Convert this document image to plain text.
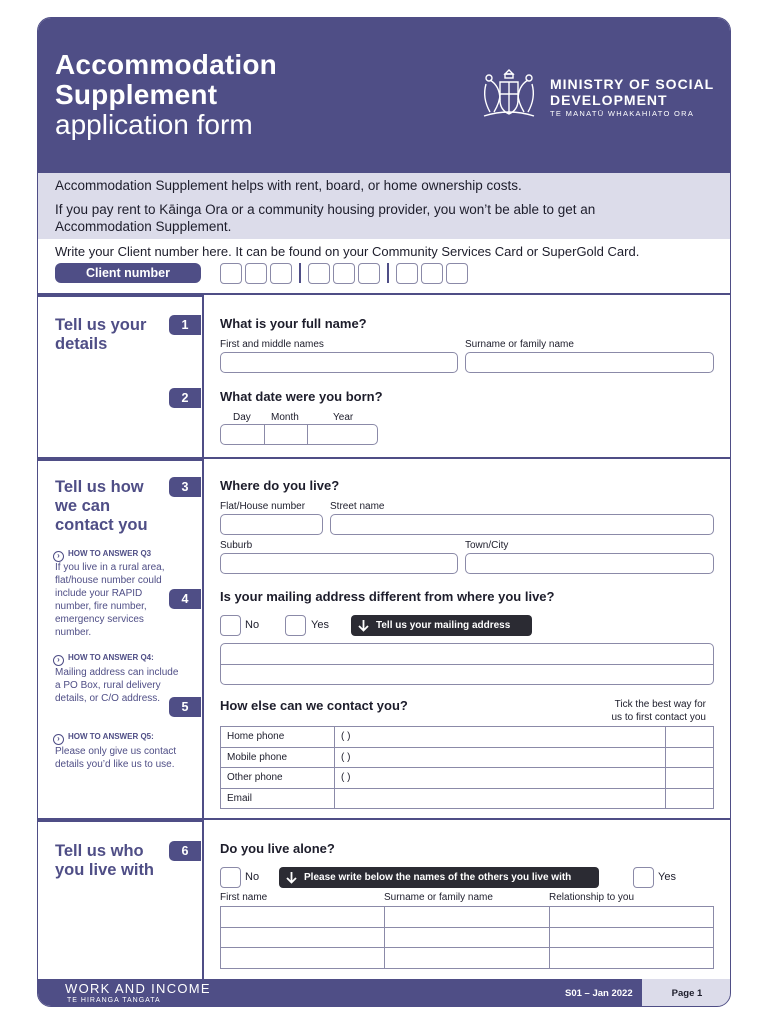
Accommodation
Supplement
application form
MINISTRY OF SOCIAL
DEVELOPMENT
TE MANATŪ WHAKAHIATO ORA

Accommodation Supplement helps with rent, board, or home ownership costs.

If you pay rent to Kāinga Ora or a community housing provider, you won’t be able to get an Accommodation Supplement.

Write your Client number here. It can be found on your Community Services Card or SuperGold Card.
Client number
Tell us your details
1	What is your full name?
First and middle names	Surname or family name
2	What date were you born?
Day Month	Year
Tell us how we can contact you
3	Where do you live?
Flat/House number Street name
Suburb	Town/City
› HOW TO ANSWER Q3
If you live in a rural area, flat/house number could include your RAPID number, fire number, emergency services number.
4	Is your mailing address different from where you live?
No	Yes	Tell us your mailing address
› HOW TO ANSWER Q4:
Mailing address can include a PO Box, rural delivery details, or C/O address.
5	How else can we contact you?	Tick the best way for
us to first contact you
Home phone	( )	
Mobile phone	( )	
Other phone	( )	
Email		
› HOW TO ANSWER Q5:
Please only give us contact details you’d like us to use.
Tell us who you live with
6	Do you live alone?
No	Please write below the names of the others you live with	Yes
First name	Surname or family name	Relationship to you

WORK AND INCOME
TE HIRANGA TANGATA
S01 – Jan 2022	Page 1
